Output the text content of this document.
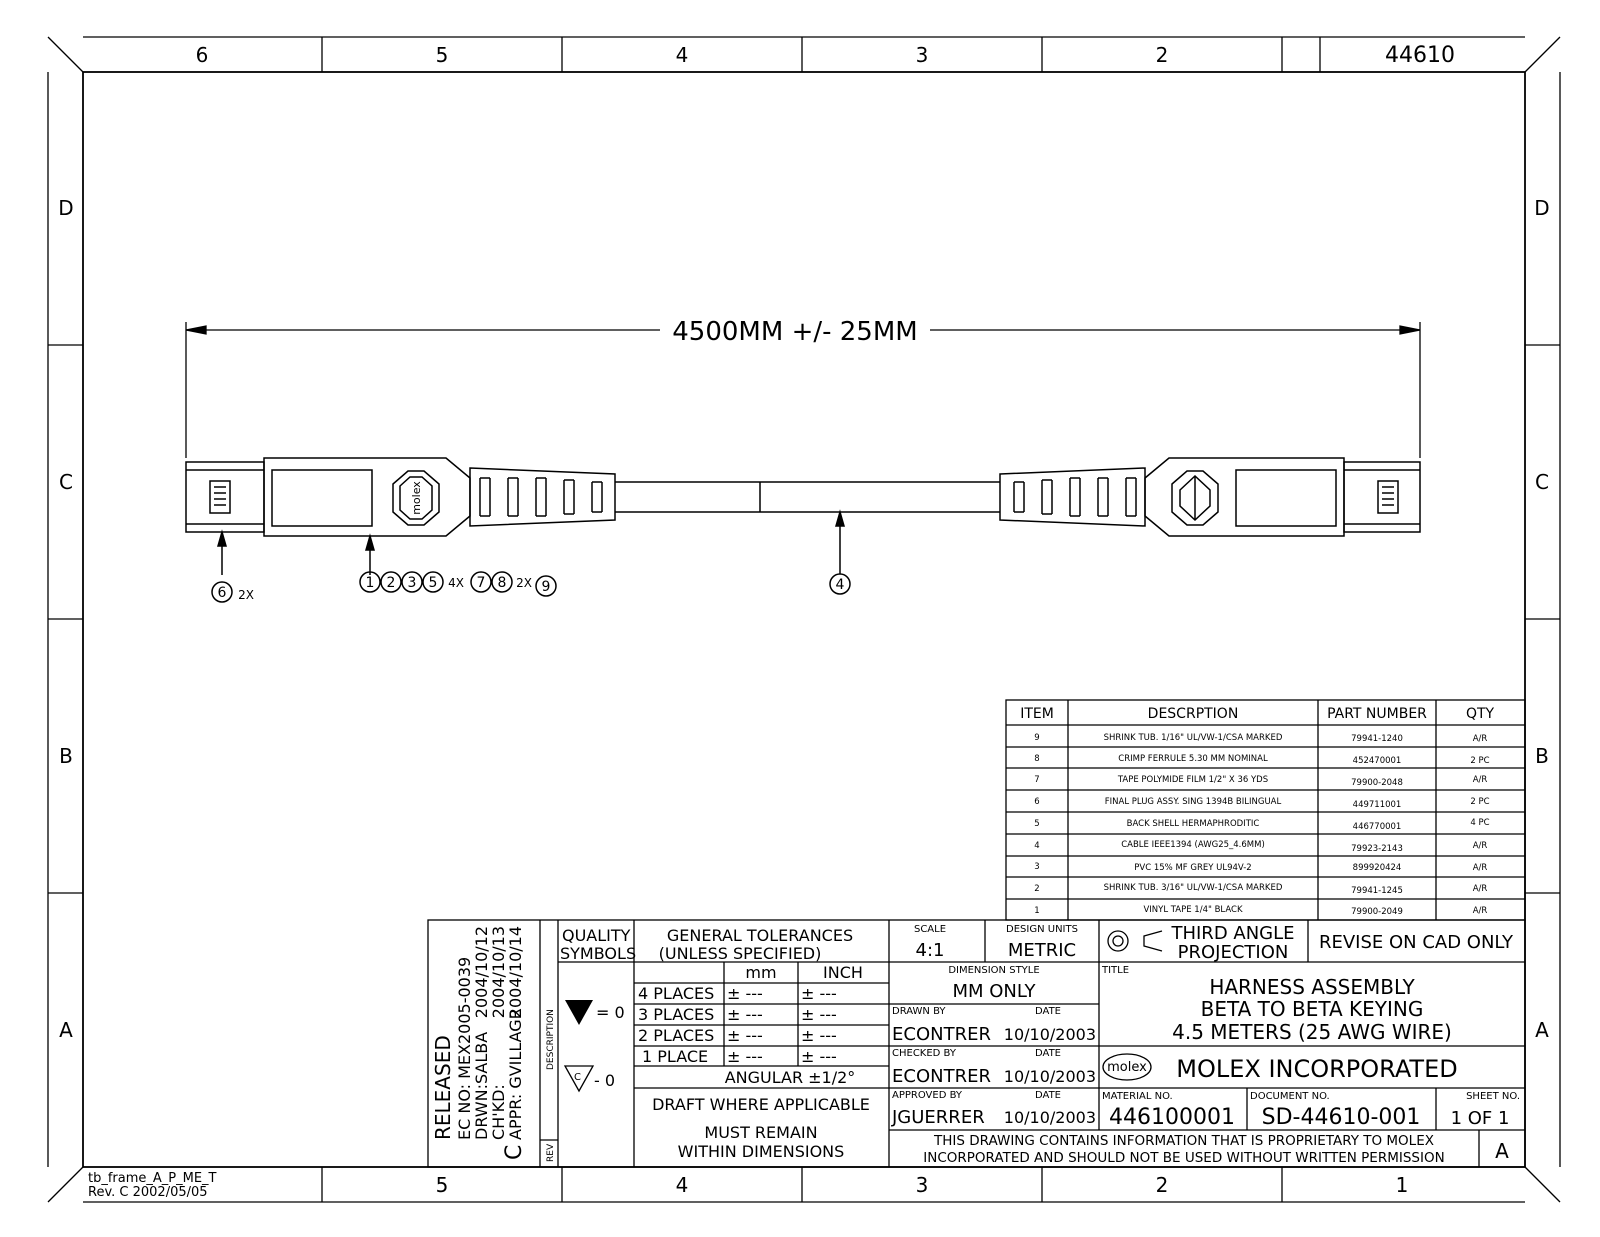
6	5	4	3	2	44610
5	4	3	2	1
D
C
B
A
D
C
B
A
4500MM +/- 25MM
molex
6 2X
1 2 3 5 4X 7 8 2X 9	4
ITEM	DESCRPTION	PART NUMBER	QTY
9	SHRINK TUB. 1/16" UL/VW-1/CSA MARKED	79941-1240	A/R
8	CRIMP FERRULE 5.30 MM NOMINAL	452470001	2 PC
7	TAPE POLYMIDE FILM 1/2" X 36 YDS	79900-2048	A/R
6	FINAL PLUG ASSY. SING 1394B BILINGUAL	449711001	2 PC
5	BACK SHELL HERMAPHRODITIC	446770001	4 PC
4	CABLE IEEE1394 (AWG25_4.6MM)	79923-2143	A/R
3	PVC 15% MF GREY UL94V-2	899920424	A/R
2	SHRINK TUB. 3/16" UL/VW-1/CSA MARKED	79941-1245	A/R
1	VINYL TAPE 1/4" BLACK	79900-2049	A/R
RELEASED EC NO: MEX2005-0039
DRWN:SALBA
CH'KD:
APPR: GVILLAGR
2004/10/12
2004/10/13
2004/10/14
DESCRIPTION
REV
C
QUALITY
SYMBOLS
= 0
C - 0
GENERAL TOLERANCES
(UNLESS SPECIFIED)
mm	INCH
4 PLACES ± --- ± ---
3 PLACES ± --- ± ---
2 PLACES ± --- ± ---
1 PLACE ± --- ± ---
ANGULAR ±1/2°
DRAFT WHERE APPLICABLE
MUST REMAIN
WITHIN DIMENSIONS
SCALE
4:1
DESIGN UNITS
METRIC
DIMENSION STYLE
MM ONLY
DRAWN BY	DATE
ECONTRER 10/10/2003
CHECKED BY	DATE
ECONTRER 10/10/2003
APPROVED BY	DATE
JGUERRER 10/10/2003
THIRD ANGLE
PROJECTION REVISE ON CAD ONLY
TITLE
HARNESS ASSEMBLY
BETA TO BETA KEYING
4.5 METERS (25 AWG WIRE)
molex MOLEX INCORPORATED
MATERIAL NO.
446100001
DOCUMENT NO.
SD-44610-001
SHEET NO.
1 OF 1
THIS DRAWING CONTAINS INFORMATION THAT IS PROPRIETARY TO MOLEX
INCORPORATED AND SHOULD NOT BE USED WITHOUT WRITTEN PERMISSION	A
tb_frame_A_P_ME_T
Rev. C 2002/05/05
